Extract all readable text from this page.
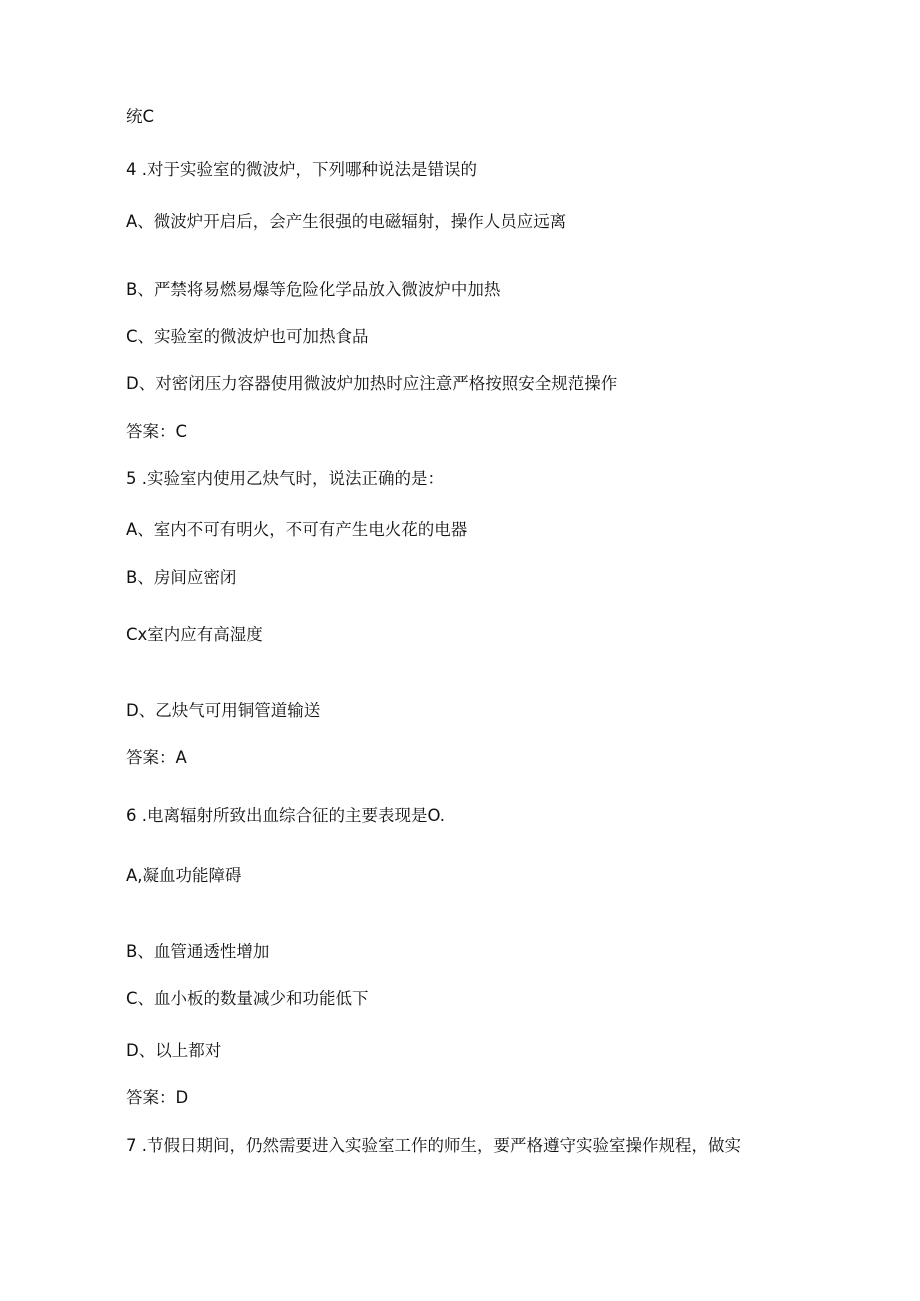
统C

4 .对于实验室的微波炉，下列哪种说法是错误的

A、微波炉开启后，会产生很强的电磁辐射，操作人员应远离

B、严禁将易燃易爆等危险化学品放入微波炉中加热

C、实验室的微波炉也可加热食品

D、对密闭压力容器使用微波炉加热时应注意严格按照安全规范操作

答案：C

5 .实验室内使用乙炔气时，说法正确的是：

A、室内不可有明火，不可有产生电火花的电器

B、房间应密闭

Cx室内应有高湿度

D、乙炔气可用铜管道输送

答案：A

6 .电离辐射所致出血综合征的主要表现是O.

A,凝血功能障碍

B、血管通透性增加

C、血小板的数量减少和功能低下

D、以上都对

答案：D

7 .节假日期间，仍然需要进入实验室工作的师生，要严格遵守实验室操作规程，做实
